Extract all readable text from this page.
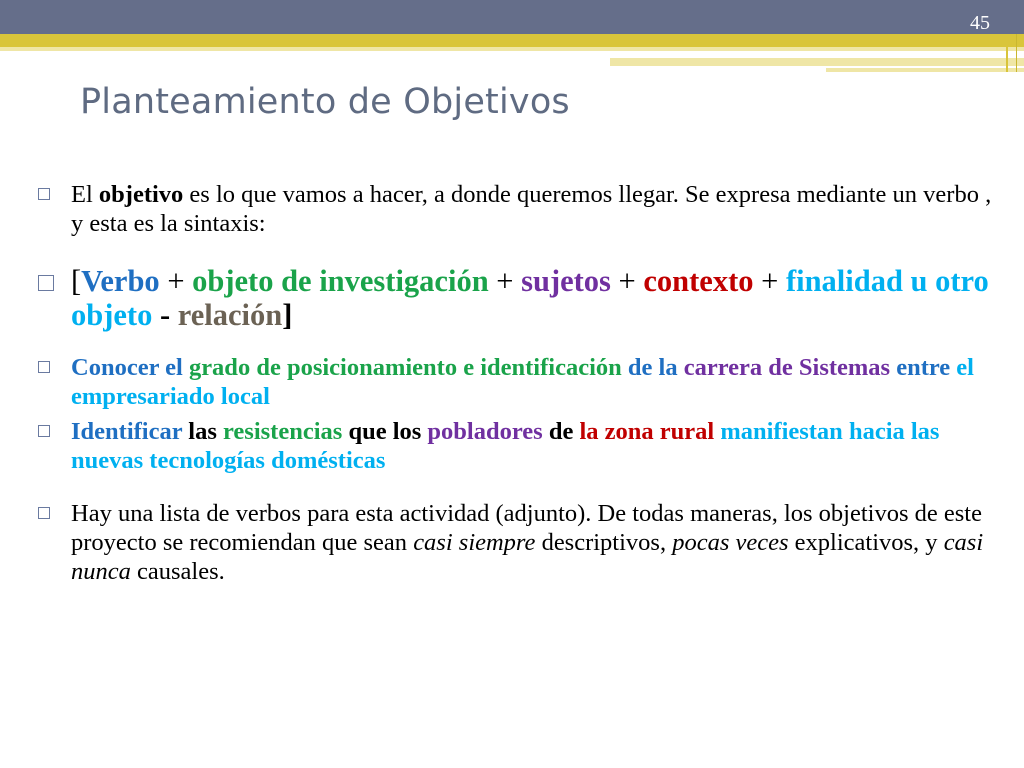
45
Planteamiento de Objetivos
El objetivo es lo que vamos a hacer, a donde queremos llegar. Se expresa mediante un verbo , y esta es la sintaxis:
[Verbo + objeto de investigación + sujetos + contexto + finalidad u otro objeto - relación]
Conocer el grado de posicionamiento e identificación de la carrera de Sistemas entre el empresariado local
Identificar las resistencias que los pobladores de la zona rural manifiestan hacia las nuevas tecnologías domésticas
Hay una lista de verbos para esta actividad (adjunto). De todas maneras, los objetivos de este proyecto se recomiendan que sean casi siempre descriptivos, pocas veces explicativos, y casi nunca causales.
